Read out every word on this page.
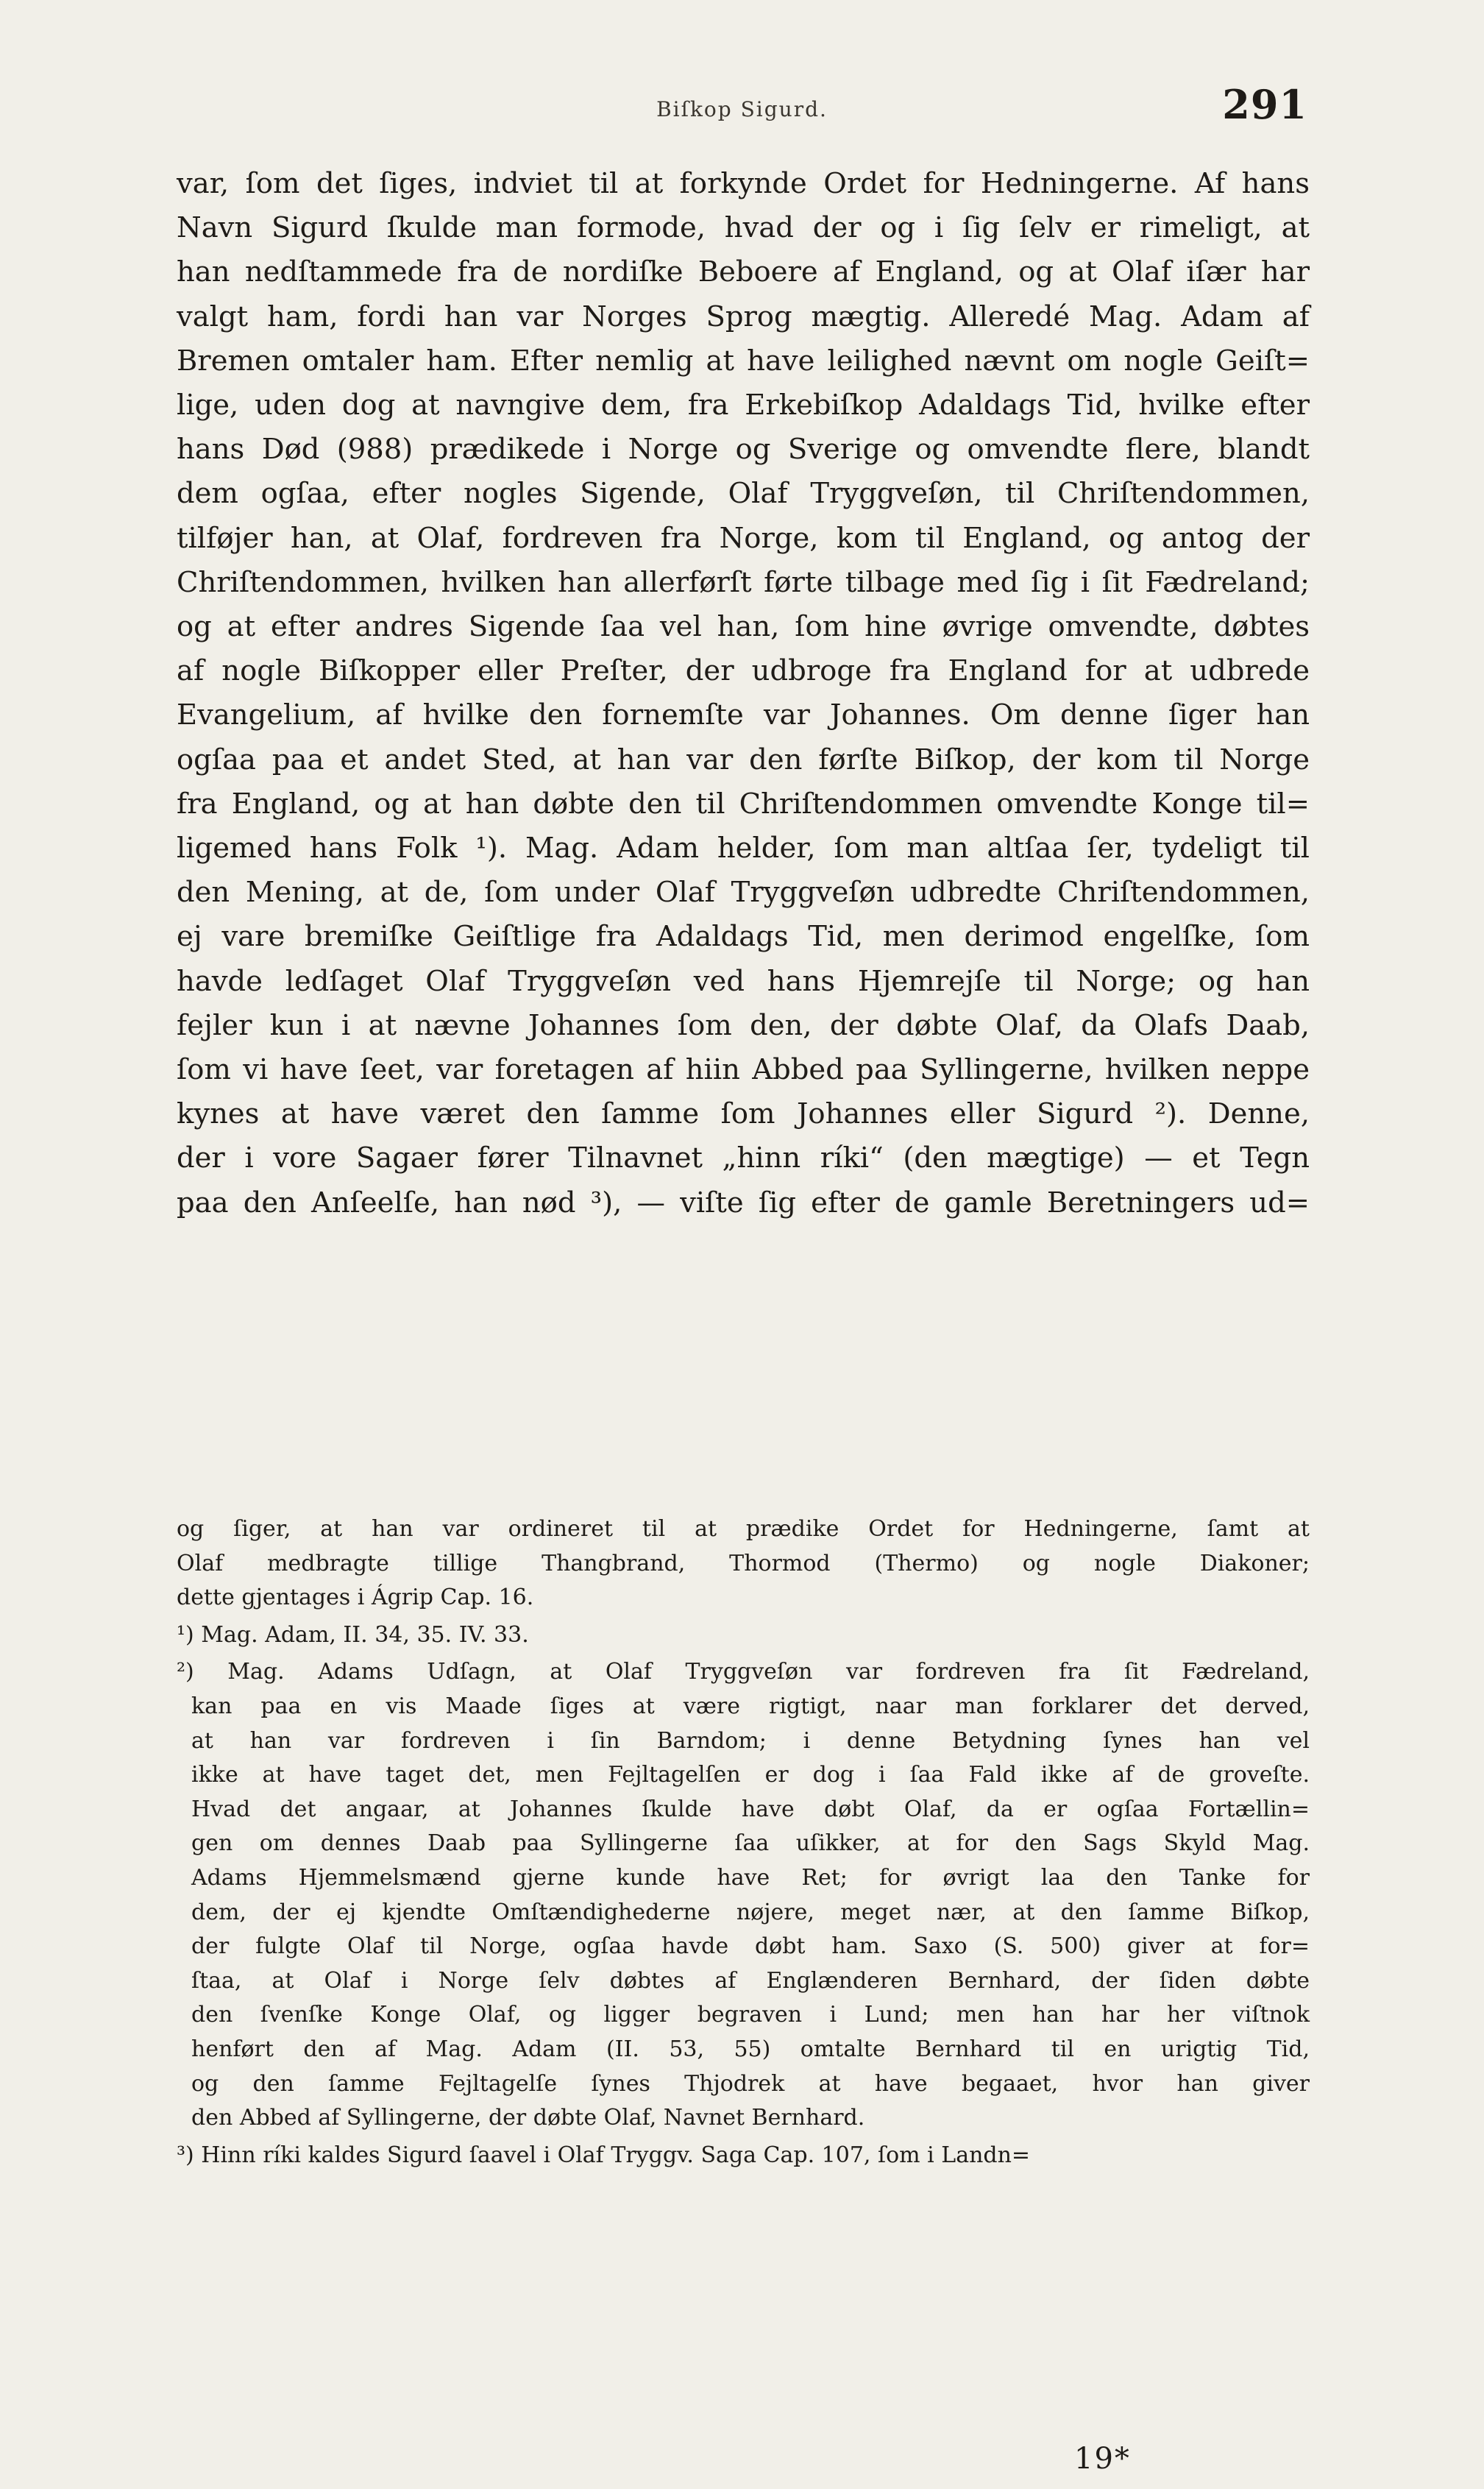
Biſkop Sigurd.	291
var, ſom det ſiges, indviet til at forkynde Ordet for Hedningerne. Af hans
Navn Sigurd ſkulde man formode, hvad der og i ſig ſelv er rimeligt, at
han nedſtammede fra de nordiſke Beboere af England, og at Olaf iſær har
valgt ham, fordi han var Norges Sprog mægtig. Alleredé Mag. Adam af
Bremen omtaler ham. Efter nemlig at have leilighed nævnt om nogle Geiſt=
lige, uden dog at navngive dem, fra Erkebiſkop Adaldags Tid, hvilke efter
hans Død (988) prædikede i Norge og Sverige og omvendte flere, blandt
dem ogſaa, efter nogles Sigende, Olaf Tryggveſøn, til Chriſtendommen,
tilføjer han, at Olaf, fordreven fra Norge, kom til England, og antog der
Chriſtendommen, hvilken han allerførſt førte tilbage med ſig i ſit Fædreland;
og at efter andres Sigende ſaa vel han, ſom hine øvrige omvendte, døbtes
af nogle Biſkopper eller Preſter, der udbroge fra England for at udbrede
Evangelium, af hvilke den fornemſte var Johannes. Om denne ſiger han
ogſaa paa et andet Sted, at han var den førſte Biſkop, der kom til Norge
fra England, og at han døbte den til Chriſtendommen omvendte Konge til=
ligemed hans Folk ¹). Mag. Adam helder, ſom man altſaa ſer, tydeligt til
den Mening, at de, ſom under Olaf Tryggveſøn udbredte Chriſtendommen,
ej vare bremiſke Geiſtlige fra Adaldags Tid, men derimod engelſke, ſom
havde ledſaget Olaf Tryggveſøn ved hans Hjemrejſe til Norge; og han
fejler kun i at nævne Johannes ſom den, der døbte Olaf, da Olafs Daab,
ſom vi have ſeet, var foretagen af hiin Abbed paa Syllingerne, hvilken neppe
kynes at have været den ſamme ſom Johannes eller Sigurd ²). Denne,
der i vore Sagaer fører Tilnavnet „hinn ríki“ (den mægtige) — et Tegn
paa den Anſeelſe, han nød ³), — viſte ſig efter de gamle Beretningers ud=
og ſiger, at han var ordineret til at prædike Ordet for Hedningerne, ſamt at
Olaf medbragte tillige Thangbrand, Thormod (Thermo) og nogle Diakoner;
dette gjentages i Ágrip Cap. 16.
¹) Mag. Adam, II. 34, 35. IV. 33.
²) Mag. Adams Udſagn, at Olaf Tryggveſøn var fordreven fra ſit Fædreland,
kan paa en vis Maade ſiges at være rigtigt, naar man forklarer det derved,
at han var fordreven i ſin Barndom; i denne Betydning ſynes han vel
ikke at have taget det, men Fejltagelſen er dog i ſaa Fald ikke af de groveſte.
Hvad det angaar, at Johannes ſkulde have døbt Olaf, da er ogſaa Fortællin=
gen om dennes Daab paa Syllingerne ſaa uſikker, at for den Sags Skyld Mag.
Adams Hjemmelsmænd gjerne kunde have Ret; for øvrigt laa den Tanke for
dem, der ej kjendte Omſtændighederne nøjere, meget nær, at den ſamme Biſkop,
der fulgte Olaf til Norge, ogſaa havde døbt ham. Saxo (S. 500) giver at for=
ſtaa, at Olaf i Norge ſelv døbtes af Englænderen Bernhard, der ſiden døbte
den ſvenſke Konge Olaf, og ligger begraven i Lund; men han har her viſtnok
henført den af Mag. Adam (II. 53, 55) omtalte Bernhard til en urigtig Tid,
og den ſamme Fejltagelſe ſynes Thjodrek at have begaaet, hvor han giver
den Abbed af Syllingerne, der døbte Olaf, Navnet Bernhard.
³) Hinn ríki kaldes Sigurd ſaavel i Olaf Tryggv. Saga Cap. 107, ſom i Landn=
19*
